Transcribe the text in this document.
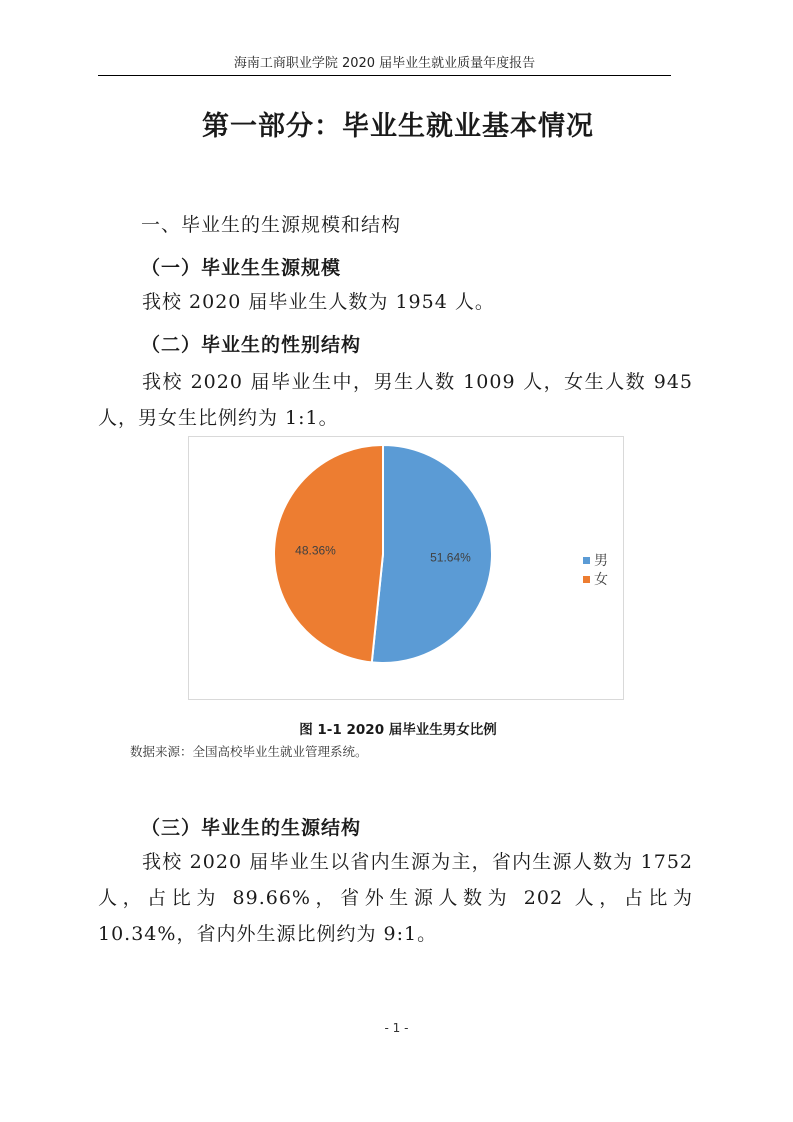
海南工商职业学院 2020 届毕业生就业质量年度报告
第一部分：毕业生就业基本情况
一、毕业生的生源规模和结构
（一）毕业生生源规模
我校 2020 届毕业生人数为 1954 人。
（二）毕业生的性别结构
我校 2020 届毕业生中，男生人数 1009 人，女生人数 945 人，男女生比例约为 1:1。
51.64%
48.36%
男
女
图 1-1 2020 届毕业生男女比例
数据来源：全国高校毕业生就业管理系统。
（三）毕业生的生源结构
我校 2020 届毕业生以省内生源为主，省内生源人数为 1752 人，占比为 89.66%，省外生源人数为 202 人，占比为 10.34%，省内外生源比例约为 9:1。
- 1 -
